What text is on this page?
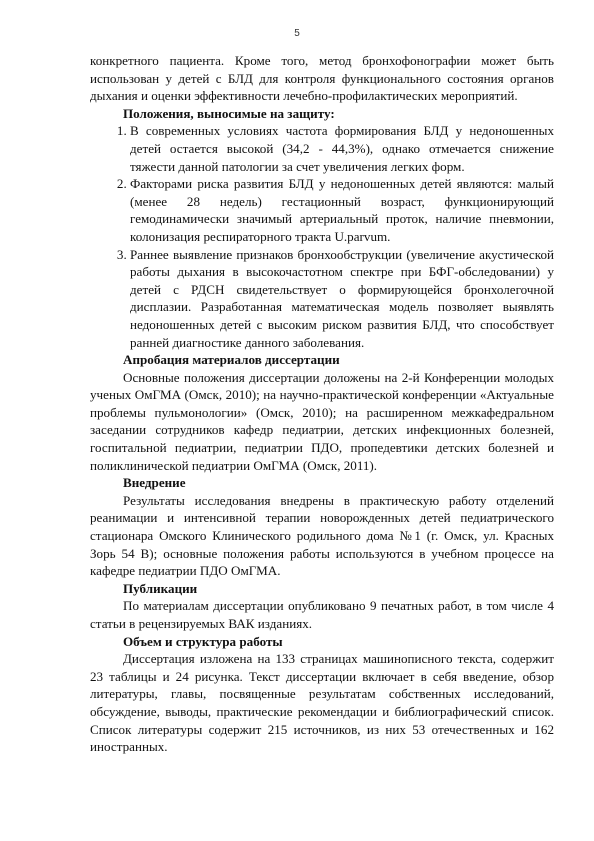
5

конкретного пациента. Кроме того, метод бронхофонографии может быть использован у детей с БЛД для контроля функционального состояния органов дыхания и оценки эффективности лечебно-профилактических мероприятий.

Положения, выносимые на защиту:

1. В современных условиях частота формирования БЛД у недоношенных детей остается высокой (34,2 - 44,3%), однако отмечается снижение тяжести данной патологии за счет увеличения легких форм.
2. Факторами риска развития БЛД у недоношенных детей являются: малый (менее 28 недель) гестационный возраст, функционирующий гемодинамически значимый артериальный проток, наличие пневмонии, колонизация респираторного тракта U.parvum.
3. Раннее выявление признаков бронхообструкции (увеличение акустической работы дыхания в высокочастотном спектре при БФГ-обследовании) у детей с РДСН свидетельствует о формирующейся бронхолегочной дисплазии. Разработанная математическая модель позволяет выявлять недоношенных детей с высоким риском развития БЛД, что способствует ранней диагностике данного заболевания.

Апробация материалов диссертации

Основные положения диссертации доложены на 2-й Конференции молодых ученых ОмГМА (Омск, 2010); на научно-практической конференции «Актуальные проблемы пульмонологии» (Омск, 2010); на расширенном межкафедральном заседании сотрудников кафедр педиатрии, детских инфекционных болезней, госпитальной педиатрии, педиатрии ПДО, пропедевтики детских болезней и поликлинической педиатрии ОмГМА (Омск, 2011).

Внедрение

Результаты исследования внедрены в практическую работу отделений реанимации и интенсивной терапии новорожденных детей педиатрического стационара Омского Клинического родильного дома №1 (г. Омск, ул. Красных Зорь 54 В); основные положения работы используются в учебном процессе на кафедре педиатрии ПДО ОмГМА.

Публикации

По материалам диссертации опубликовано 9 печатных работ, в том числе 4 статьи в рецензируемых ВАК изданиях.

Объем и структура работы

Диссертация изложена на 133 страницах машинописного текста, содержит 23 таблицы и 24 рисунка. Текст диссертации включает в себя введение, обзор литературы, главы, посвященные результатам собственных исследований, обсуждение, выводы, практические рекомендации и библиографический список. Список литературы содержит 215 источников, из них 53 отечественных и 162 иностранных.
